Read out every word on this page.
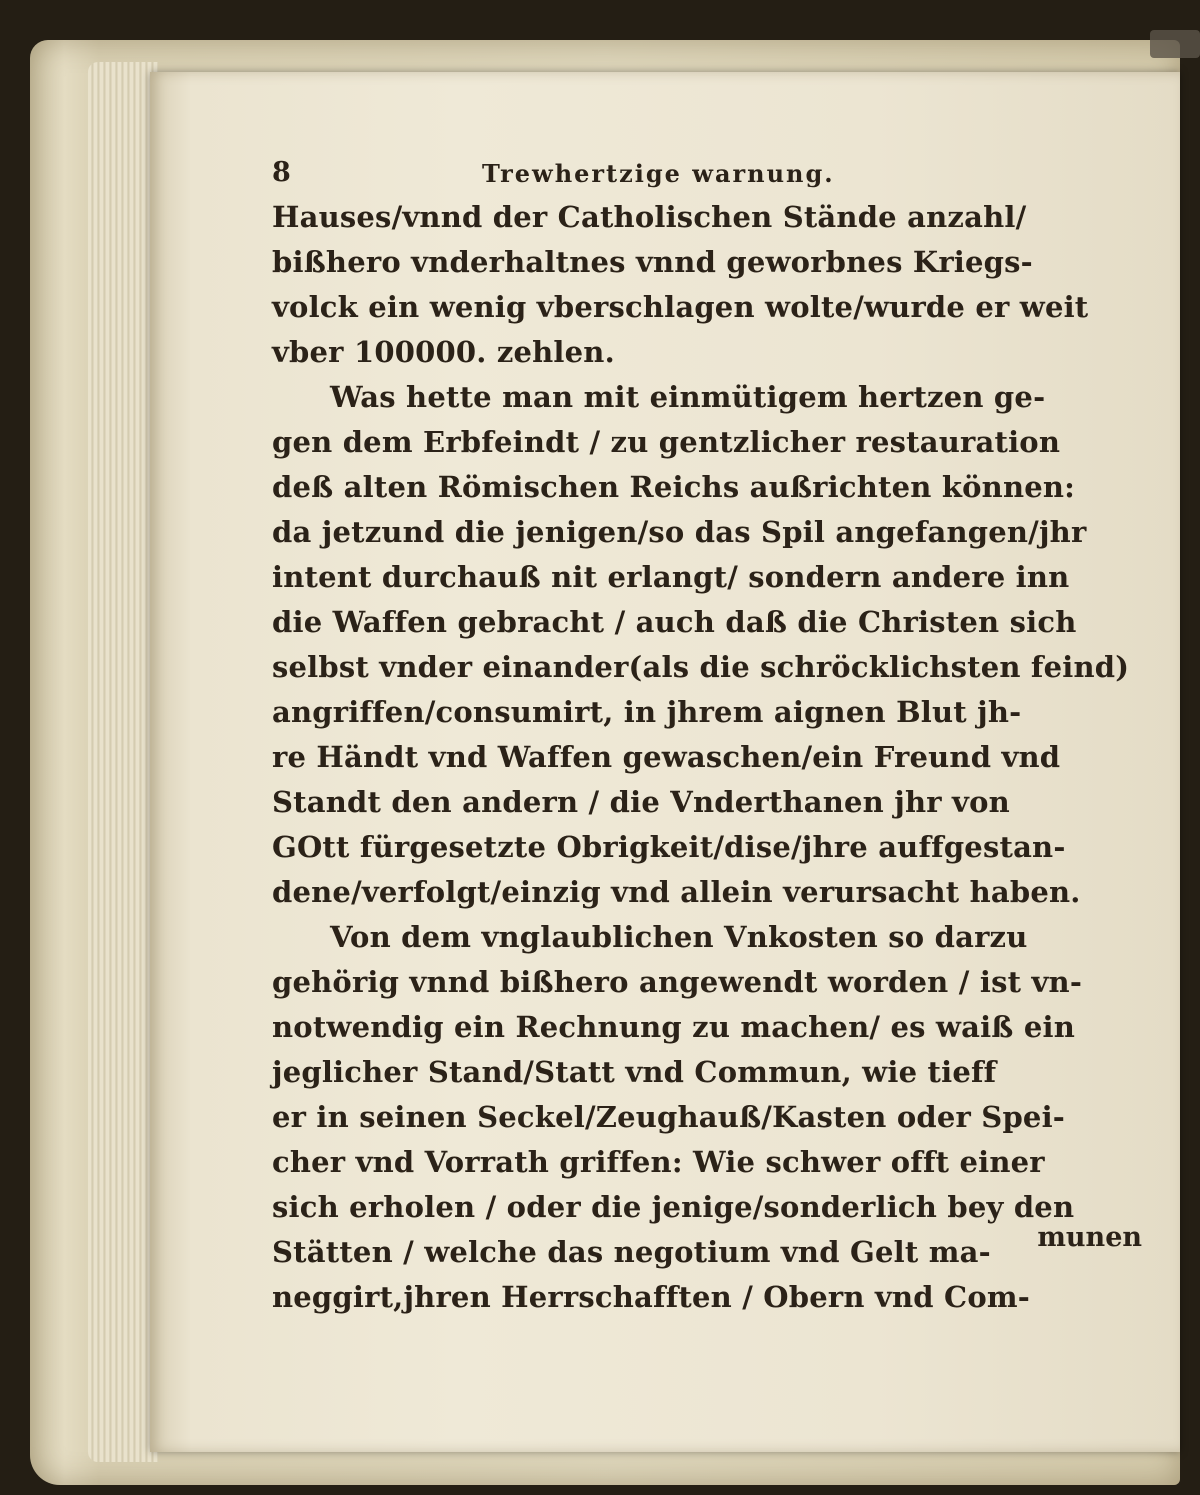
8	Trewhertzige warnung.
Hauses/vnnd der Catholischen Stände anzahl/
bißhero vnderhaltnes vnnd geworbnes Kriegs-
volck ein wenig vberschlagen wolte/wurde er weit
vber 100000. zehlen.
Was hette man mit einmütigem hertzen ge-
gen dem Erbfeindt / zu gentzlicher restauration
deß alten Römischen Reichs außrichten können:
da jetzund die jenigen/so das Spil angefangen/jhr
intent durchauß nit erlangt/ sondern andere inn
die Waffen gebracht / auch daß die Christen sich
selbst vnder einander(als die schröcklichsten feind)
angriffen/consumirt, in jhrem aignen Blut jh-
re Händt vnd Waffen gewaschen/ein Freund vnd
Standt den andern / die Vnderthanen jhr von
GOtt fürgesetzte Obrigkeit/dise/jhre auffgestan-
dene/verfolgt/einzig vnd allein verursacht haben.
Von dem vnglaublichen Vnkosten so darzu
gehörig vnnd bißhero angewendt worden / ist vn-
notwendig ein Rechnung zu machen/ es waiß ein
jeglicher Stand/Statt vnd Commun, wie tieff
er in seinen Seckel/Zeughauß/Kasten oder Spei-
cher vnd Vorrath griffen: Wie schwer offt einer
sich erholen / oder die jenige/sonderlich bey den
Stätten / welche das negotium vnd Gelt ma-
neggirt,jhren Herrschafften / Obern vnd Com-
munen
